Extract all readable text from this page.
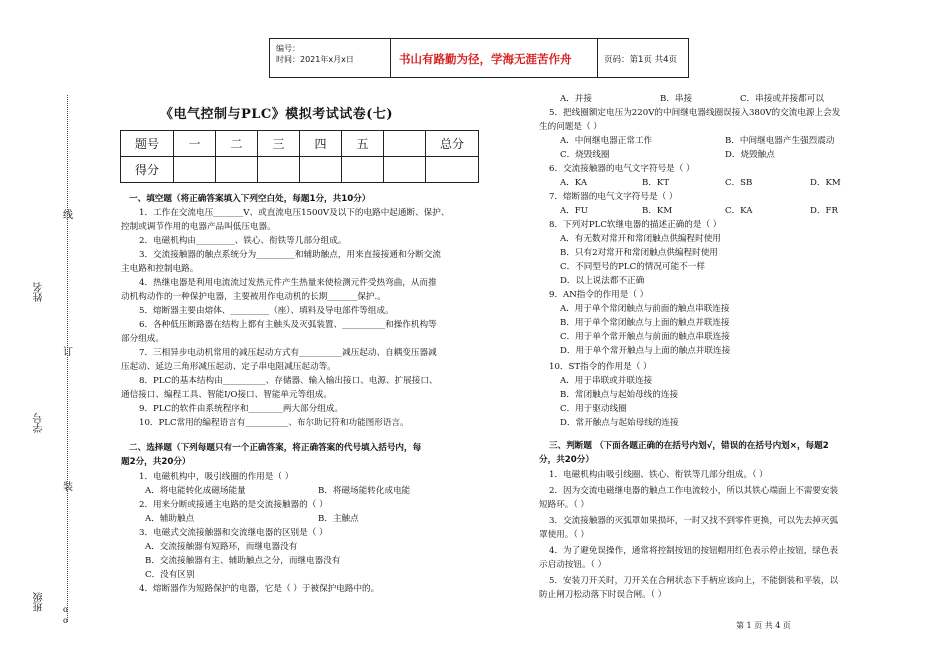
编号：
时间：2021年x月x日	书山有路勤为径，学海无涯苦作舟	页码：第1页 共4页
线
姓名
订
学号
装
班级 o
o
《电气控制与PLC》模拟考试试卷(七)
题号	一	二	三	四	五		总分
得分							
一、填空题（将正确答案填入下列空白处，每题1分，共10分）
1．工作在交流电压_______V、或直流电压1500V及以下的电路中起通断、保护、
控制或调节作用的电器产品叫低压电器。
2．电磁机构由_________、铁心、衔铁等几部分组成。
3．交流接触器的触点系统分为_________和辅助触点，用来直接接通和分断交流
主电路和控制电路。
4．热继电器是利用电流流过发热元件产生热量来使检测元件受热弯曲，从而推
动机构动作的一种保护电器，主要被用作电动机的长期_______保护.。
5．熔断器主要由熔体、_________（座）、填料及导电部件等组成。
6．各种低压断路器在结构上都有主触头及灭弧装置、__________和操作机构等
部分组成。
7．三相异步电动机常用的减压起动方式有__________减压起动、自耦变压器减
压起动、延边三角形减压起动、定子串电阻减压起动等。
8．PLC的基本结构由__________、存储器、输入输出接口、电源、扩展接口、
通信接口、编程工具、智能I/O接口、智能单元等组成。
9．PLC的软件由系统程序和________两大部分组成。
10．PLC常用的编程语言有__________、布尔助记符和功能图形语言。
二、选择题（下列每题只有一个正确答案，将正确答案的代号填入括号内，每
题2分，共20分）
1．电磁机构中，吸引线圈的作用是（ ）
A．将电能转化成磁场能量	B．将磁场能转化成电能
2．用来分断或接通主电路的是交流接触器的（ ）
A．辅助触点	B．主触点
3．电磁式交流接触器和交流继电器的区别是（ ）
A．交流接触器有短路环，而继电器没有
B．交流接触器有主、辅助触点之分，而继电器没有
C．没有区别
4．熔断器作为短路保护的电器，它是（ ）于被保护电路中的。
A．并接	B．串接	C．串接或并接都可以
5．把线圈额定电压为220V的中间继电器线圈误接入380V的交流电源上会发
生的问题是（ ）
A．中间继电器正常工作	B．中间继电器产生强烈震动
C．烧毁线圈	D．烧毁触点
6．交流接触器的电气文字符号是（ ）
A．KA	B．KT	C．SB	D．KM
7．熔断器的电气文字符号是（ ）
A．FU	B．KM	C．KA	D．FR
8．下列对PLC软继电器的描述正确的是（ ）
A．有无数对常开和常闭触点供编程时使用
B．只有2对常开和常闭触点供编程时使用
C．不同型号的PLC的情况可能不一样
D．以上说法都不正确
9．AN指令的作用是（ ）
A．用于单个常闭触点与前面的触点串联连接
B．用于单个常闭触点与上面的触点并联连接
C．用于单个常开触点与前面的触点串联连接
D．用于单个常开触点与上面的触点并联连接
10．ST指令的作用是（ ）
A．用于串联或并联连接
B．常闭触点与起始母线的连接
C．用于驱动线圈
D．常开触点与起始母线的连接
三、判断题 （下面各题正确的在括号内划√，错误的在括号内划×，每题2
分，共20分）
1．电磁机构由吸引线圈、铁心、衔铁等几部分组成。（ ）
2．因为交流电磁继电器的触点工作电流较小，所以其铁心端面上不需要安装
短路环。（ ）
3．交流接触器的灭弧罩如果损坏，一时又找不到零件更换，可以先去掉灭弧
罩使用。（ ）
4．为了避免误操作，通常将控制按钮的按钮帽用红色表示停止按钮，绿色表
示启动按钮。（ ）
5．安装刀开关时，刀开关在合闸状态下手柄应该向上，不能倒装和平装，以
防止闸刀松动落下时误合闸。（ ）
第 1 页 共 4 页
